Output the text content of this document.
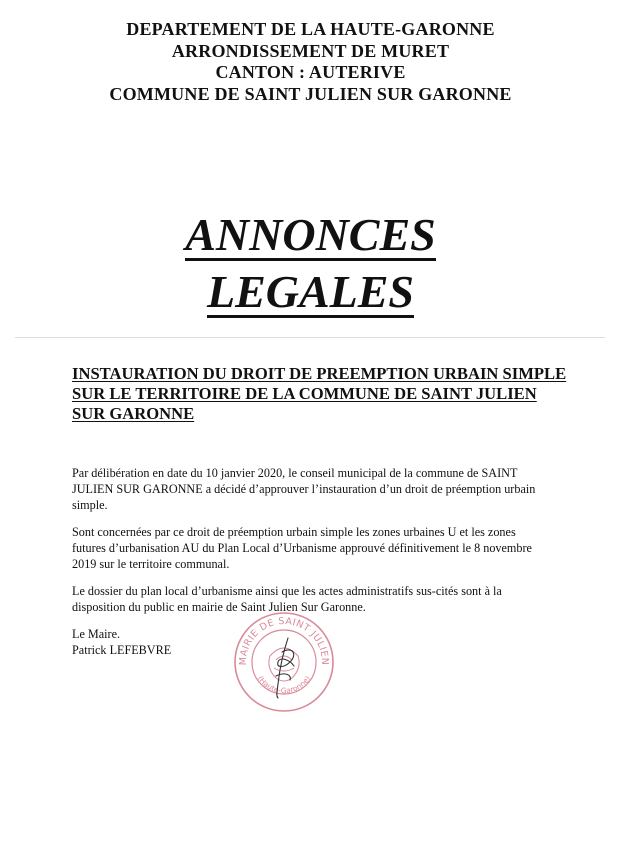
DEPARTEMENT DE LA HAUTE-GARONNE
ARRONDISSEMENT DE MURET
CANTON : AUTERIVE
COMMUNE DE SAINT JULIEN SUR GARONNE
ANNONCES
LEGALES
INSTAURATION DU DROIT DE PREEMPTION URBAIN SIMPLE SUR LE TERRITOIRE DE LA COMMUNE DE SAINT JULIEN SUR GARONNE
Par délibération en date du 10 janvier 2020, le conseil municipal de la commune de SAINT JULIEN SUR GARONNE a décidé d’approuver l’instauration d’un droit de préemption urbain simple.
Sont concernées par ce droit de préemption urbain simple les zones urbaines U et les zones futures d’urbanisation AU du Plan Local d’Urbanisme approuvé définitivement le 8 novembre 2019 sur le territoire communal.
Le dossier du plan local d’urbanisme ainsi que les actes administratifs sus-cités sont à la disposition du public en mairie de Saint Julien Sur Garonne.
Le Maire.
Patrick LEFEBVRE
MAIRIE DE SAINT JULIEN
(Haute-Garonne)
